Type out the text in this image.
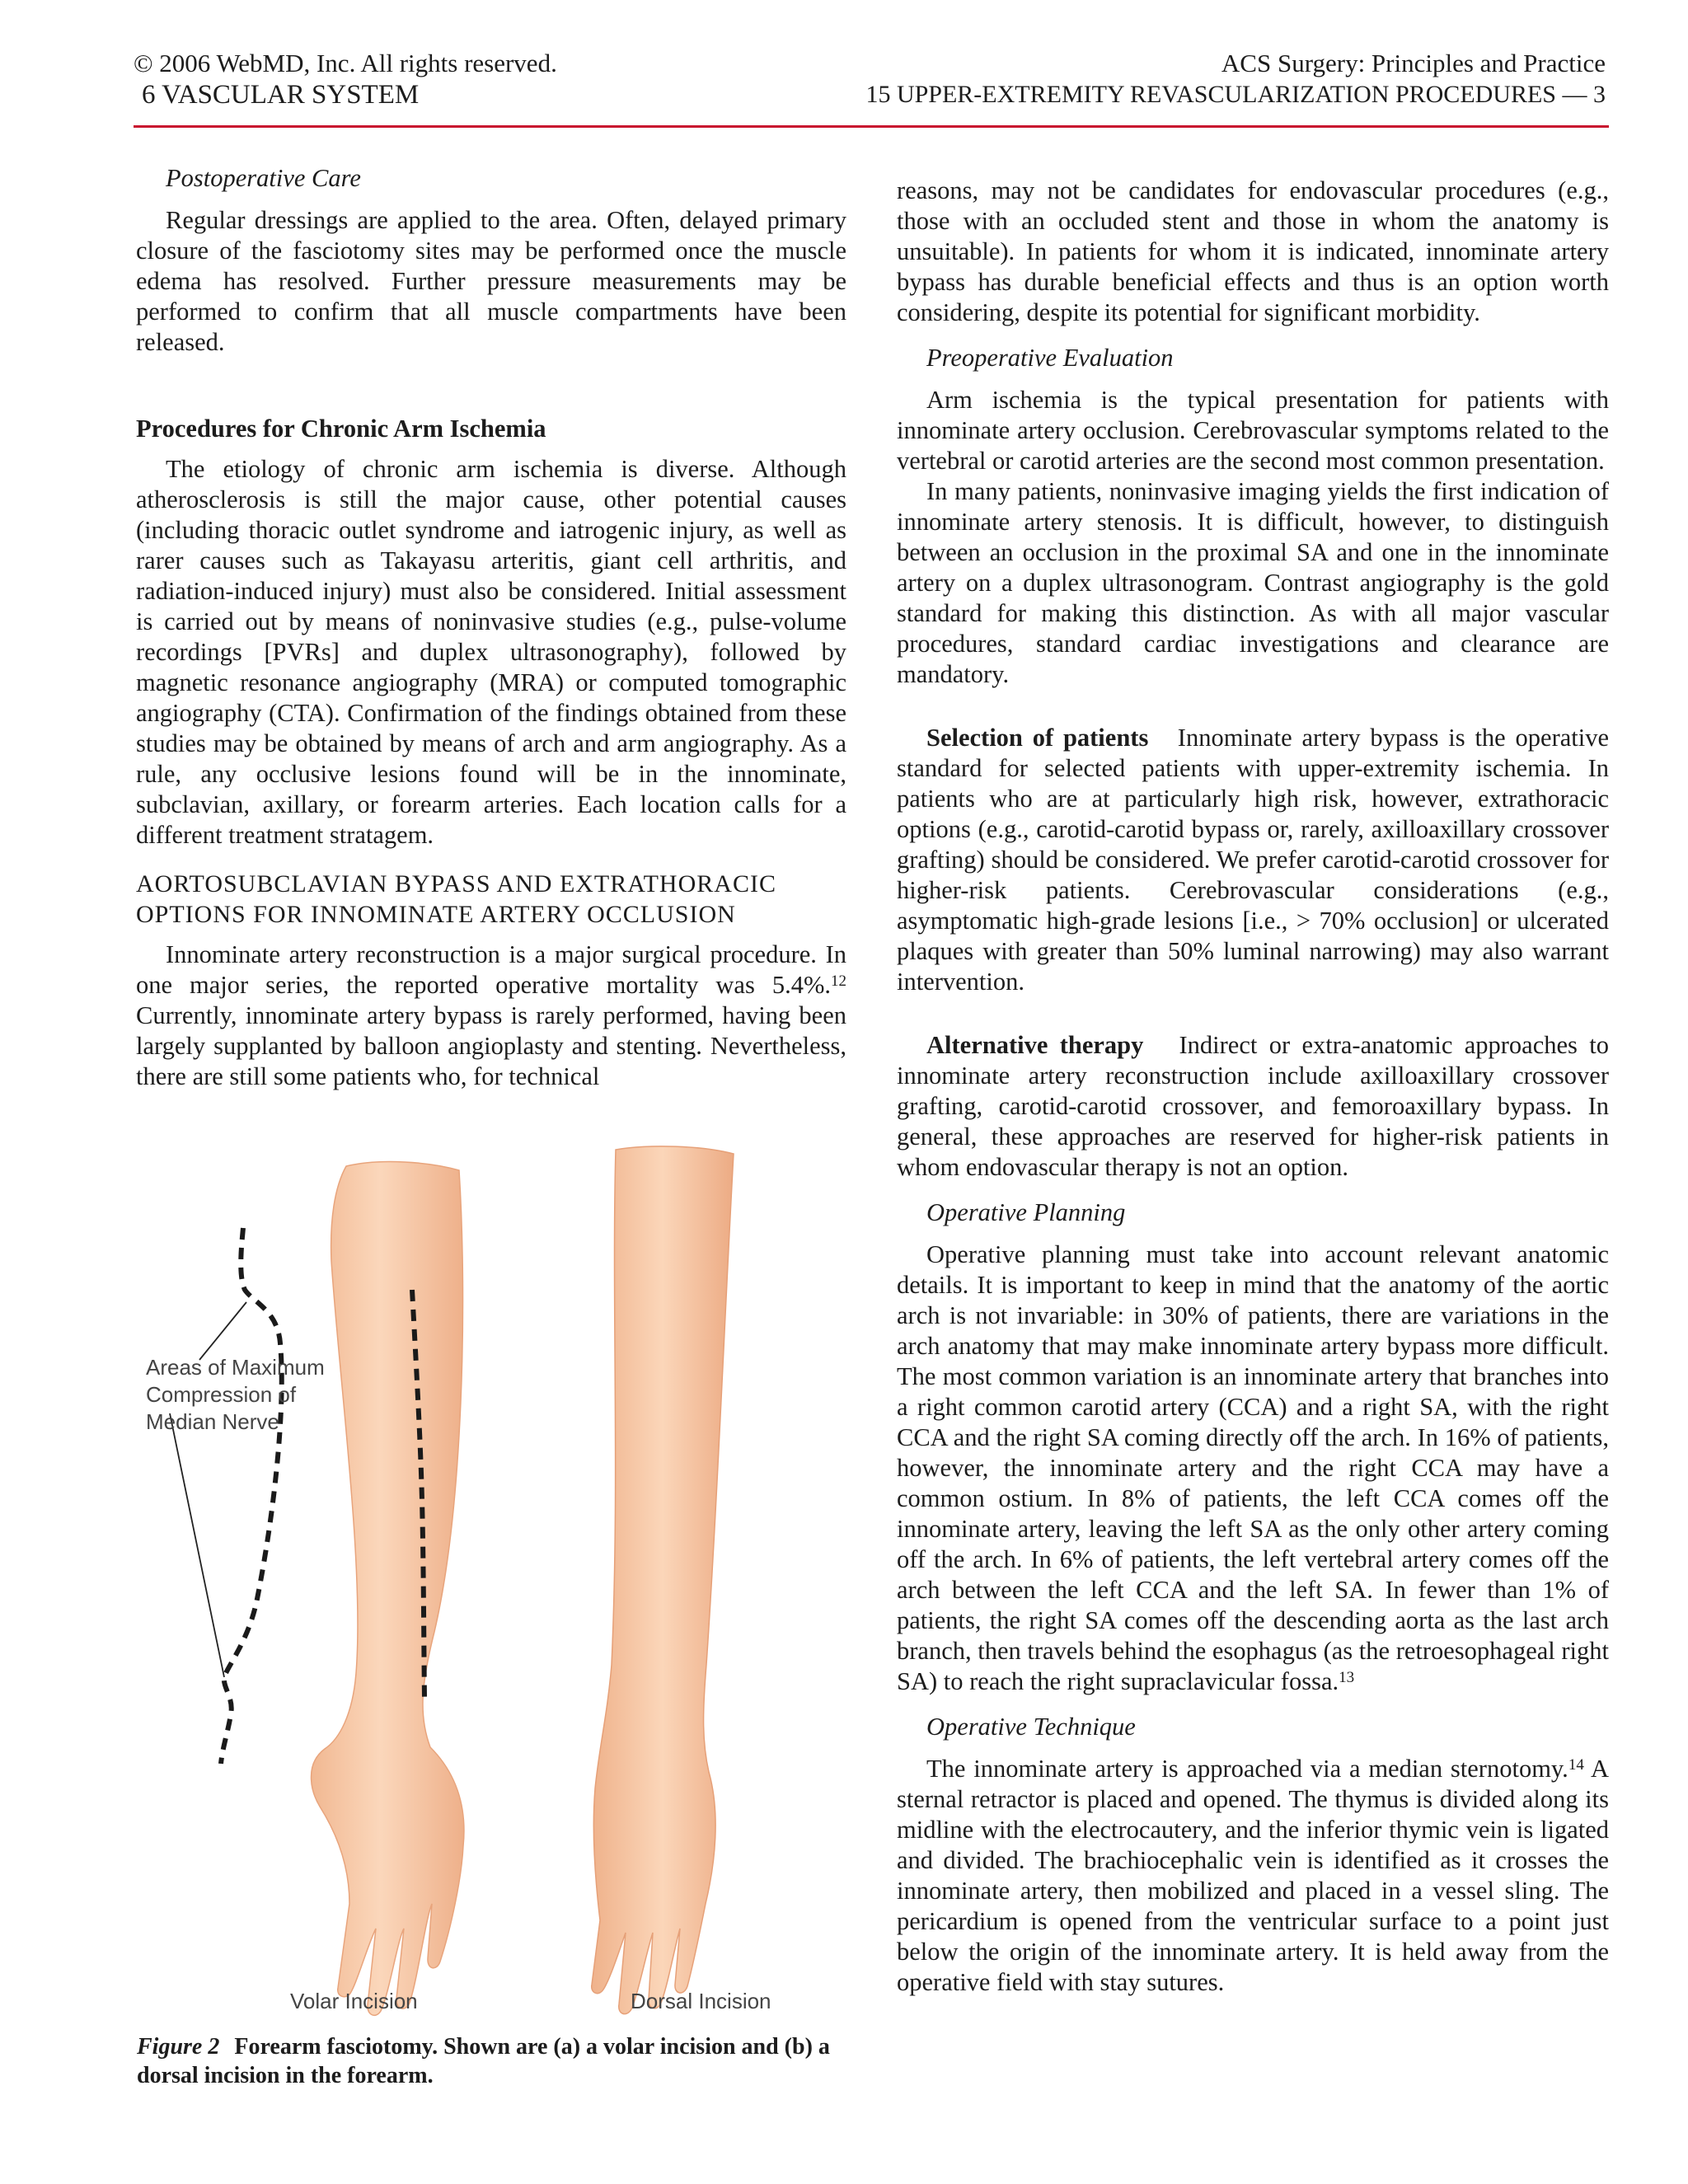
© 2006 WebMD, Inc. All rights reserved.
6 VASCULAR SYSTEM
ACS Surgery: Principles and Practice
15 UPPER-EXTREMITY REVASCULARIZATION PROCEDURES — 3
Postoperative Care

Regular dressings are applied to the area. Often, delayed primary closure of the fasciotomy sites may be performed once the muscle edema has resolved. Further pressure measurements may be performed to confirm that all muscle compartments have been released.

Procedures for Chronic Arm Ischemia

The etiology of chronic arm ischemia is diverse. Although atherosclerosis is still the major cause, other potential causes (including thoracic outlet syndrome and iatrogenic injury, as well as rarer causes such as Takayasu arteritis, giant cell arthritis, and radiation-induced injury) must also be considered. Initial assessment is carried out by means of noninvasive studies (e.g., pulse-volume recordings [PVRs] and duplex ultrasonography), followed by magnetic resonance angiography (MRA) or computed tomographic angiography (CTA). Confirmation of the findings obtained from these studies may be obtained by means of arch and arm angiography. As a rule, any occlusive lesions found will be in the innominate, subclavian, axillary, or forearm arteries. Each location calls for a different treatment stratagem.

AORTOSUBCLAVIAN BYPASS AND EXTRATHORACIC
OPTIONS FOR INNOMINATE ARTERY OCCLUSION

Innominate artery reconstruction is a major surgical procedure. In one major series, the reported operative mortality was 5.4%.$^{12}$ Currently, innominate artery bypass is rarely performed, having been largely supplanted by balloon angioplasty and stenting. Nevertheless, there are still some patients who, for technical

Areas of Maximum Compression of Median Nerve
Volar Incision	Dorsal Incision
Figure 2 Forearm fasciotomy. Shown are (a) a volar incision and (b) a dorsal incision in the forearm.

reasons, may not be candidates for endovascular procedures (e.g., those with an occluded stent and those in whom the anatomy is unsuitable). In patients for whom it is indicated, innominate artery bypass has durable beneficial effects and thus is an option worth considering, despite its potential for significant morbidity.

Preoperative Evaluation

Arm ischemia is the typical presentation for patients with innominate artery occlusion. Cerebrovascular symptoms related to the vertebral or carotid arteries are the second most common presentation.

In many patients, noninvasive imaging yields the first indication of innominate artery stenosis. It is difficult, however, to distinguish between an occlusion in the proximal SA and one in the innominate artery on a duplex ultrasonogram. Contrast angiography is the gold standard for making this distinction. As with all major vascular procedures, standard cardiac investigations and clearance are mandatory.

Selection of patients Innominate artery bypass is the operative standard for selected patients with upper-extremity ischemia. In patients who are at particularly high risk, however, extrathoracic options (e.g., carotid-carotid bypass or, rarely, axilloaxillary crossover grafting) should be considered. We prefer carotid-carotid crossover for higher-risk patients. Cerebrovascular considerations (e.g., asymptomatic high-grade lesions [i.e., > 70% occlusion] or ulcerated plaques with greater than 50% luminal narrowing) may also warrant intervention.

Alternative therapy Indirect or extra-anatomic approaches to innominate artery reconstruction include axilloaxillary crossover grafting, carotid-carotid crossover, and femoroaxillary bypass. In general, these approaches are reserved for higher-risk patients in whom endovascular therapy is not an option.

Operative Planning

Operative planning must take into account relevant anatomic details. It is important to keep in mind that the anatomy of the aortic arch is not invariable: in 30% of patients, there are variations in the arch anatomy that may make innominate artery bypass more difficult. The most common variation is an innominate artery that branches into a right common carotid artery (CCA) and a right SA, with the right CCA and the right SA coming directly off the arch. In 16% of patients, however, the innominate artery and the right CCA may have a common ostium. In 8% of patients, the left CCA comes off the innominate artery, leaving the left SA as the only other artery coming off the arch. In 6% of patients, the left vertebral artery comes off the arch between the left CCA and the left SA. In fewer than 1% of patients, the right SA comes off the descending aorta as the last arch branch, then travels behind the esophagus (as the retroesophageal right SA) to reach the right supraclavicular fossa.$^{13}$

Operative Technique

The innominate artery is approached via a median sternotomy.$^{14}$ A sternal retractor is placed and opened. The thymus is divided along its midline with the electrocautery, and the inferior thymic vein is ligated and divided. The brachiocephalic vein is identified as it crosses the innominate artery, then mobilized and placed in a vessel sling. The pericardium is opened from the ventricular surface to a point just below the origin of the innominate artery. It is held away from the operative field with stay sutures.
